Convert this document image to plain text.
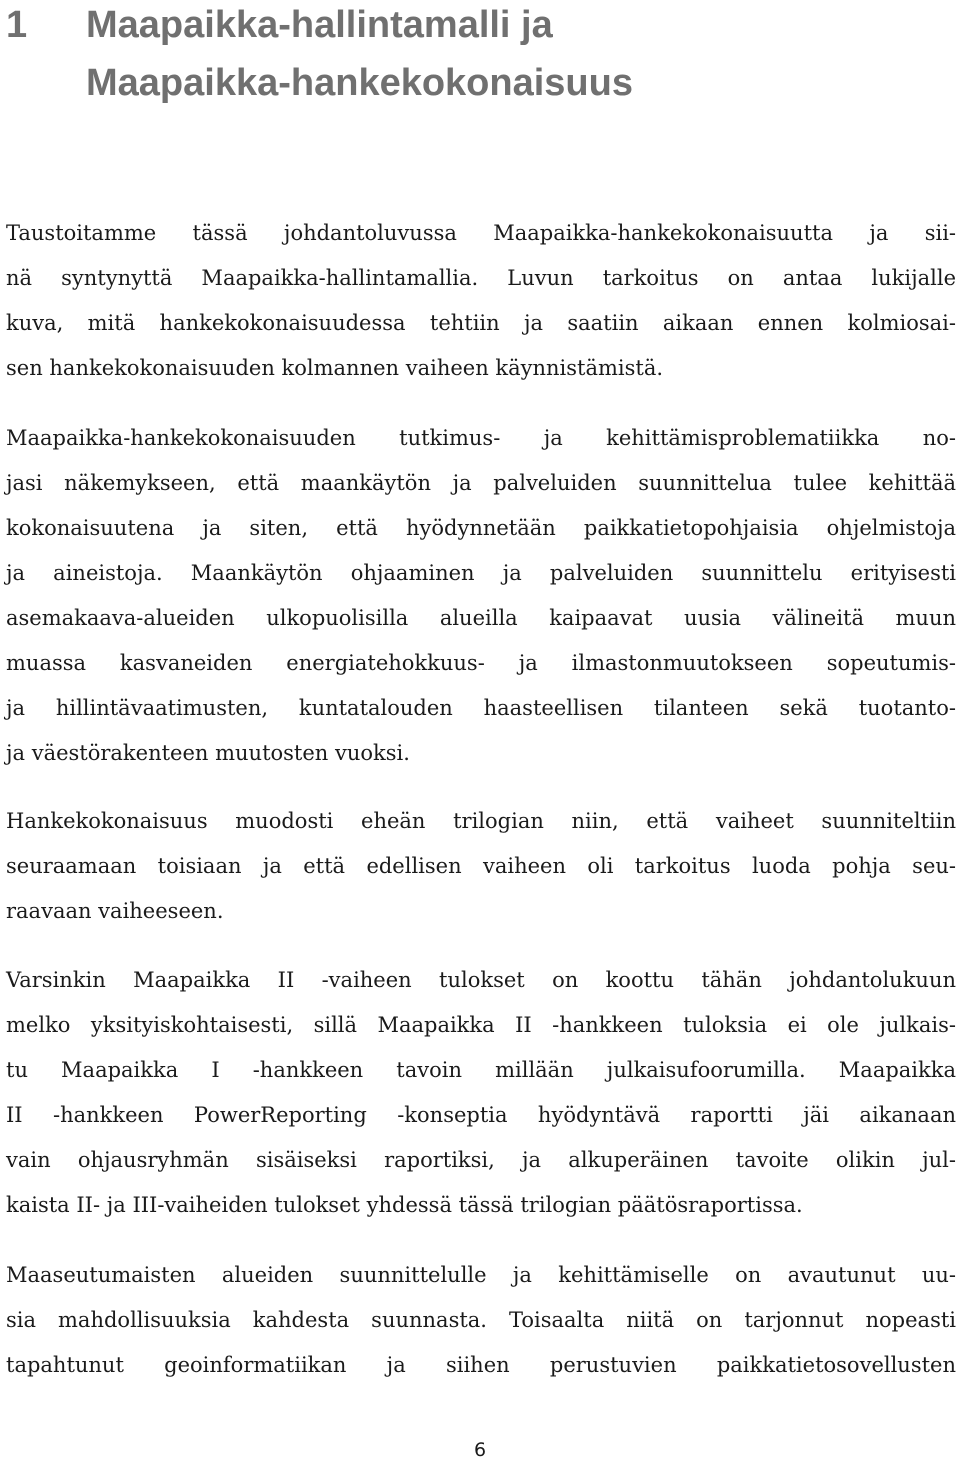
1 Maapaikka-hallintamalli ja
Maapaikka-hankekokonaisuus
Taustoitamme tässä johdantoluvussa Maapaikka-hankekokonaisuutta ja sii-
nä syntynyttä Maapaikka-hallintamallia. Luvun tarkoitus on antaa lukijalle
kuva, mitä hankekokonaisuudessa tehtiin ja saatiin aikaan ennen kolmiosai-
sen hankekokonaisuuden kolmannen vaiheen käynnistämistä.
Maapaikka-hankekokonaisuuden tutkimus- ja kehittämisproblematiikka no-
jasi näkemykseen, että maankäytön ja palveluiden suunnittelua tulee kehittää
kokonaisuutena ja siten, että hyödynnetään paikkatietopohjaisia ohjelmistoja
ja aineistoja. Maankäytön ohjaaminen ja palveluiden suunnittelu erityisesti
asemakaava-alueiden ulkopuolisilla alueilla kaipaavat uusia välineitä muun
muassa kasvaneiden energiatehokkuus- ja ilmastonmuutokseen sopeutumis-
ja hillintävaatimusten, kuntatalouden haasteellisen tilanteen sekä tuotanto-
ja väestörakenteen muutosten vuoksi.
Hankekokonaisuus muodosti eheän trilogian niin, että vaiheet suunniteltiin
seuraamaan toisiaan ja että edellisen vaiheen oli tarkoitus luoda pohja seu-
raavaan vaiheeseen.
Varsinkin Maapaikka II -vaiheen tulokset on koottu tähän johdantolukuun
melko yksityiskohtaisesti, sillä Maapaikka II -hankkeen tuloksia ei ole julkais-
tu Maapaikka I -hankkeen tavoin millään julkaisufoorumilla. Maapaikka
II -hankkeen PowerReporting -konseptia hyödyntävä raportti jäi aikanaan
vain ohjausryhmän sisäiseksi raportiksi, ja alkuperäinen tavoite olikin jul-
kaista II- ja III-vaiheiden tulokset yhdessä tässä trilogian päätösraportissa.
Maaseutumaisten alueiden suunnittelulle ja kehittämiselle on avautunut uu-
sia mahdollisuuksia kahdesta suunnasta. Toisaalta niitä on tarjonnut nopeasti
tapahtunut geoinformatiikan ja siihen perustuvien paikkatietosovellusten
6
